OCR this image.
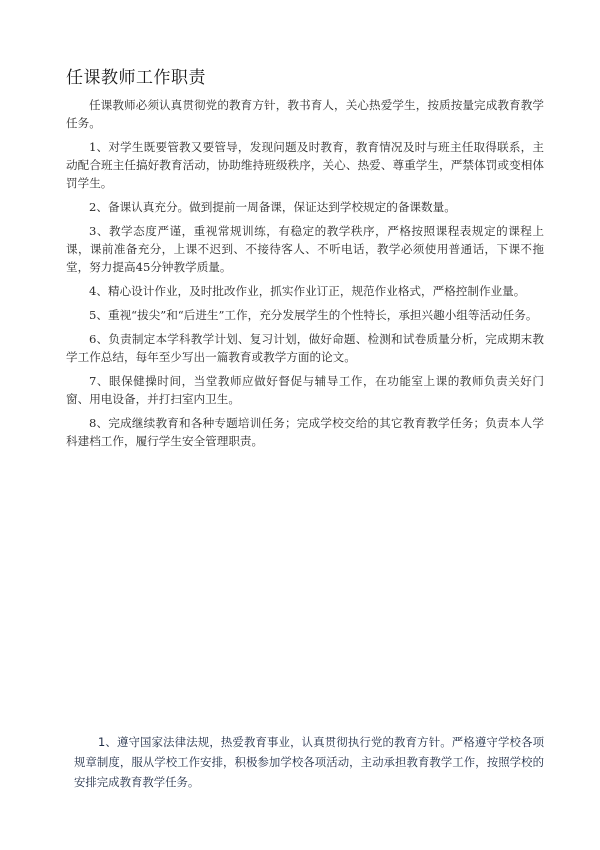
任课教师工作职责

任课教师必须认真贯彻党的教育方针，教书育人，关心热爱学生，按质按量完成教育教学任务。

1、对学生既要管教又要管导，发现问题及时教育，教育情况及时与班主任取得联系，主动配合班主任搞好教育活动，协助维持班级秩序，关心、热爱、尊重学生，严禁体罚或变相体罚学生。

2、备课认真充分。做到提前一周备课，保证达到学校规定的备课数量。

3、教学态度严谨，重视常规训练，有稳定的教学秩序，严格按照课程表规定的课程上课，课前准备充分，上课不迟到、不接待客人、不听电话，教学必须使用普通话，下课不拖堂，努力提高45分钟教学质量。

4、精心设计作业，及时批改作业，抓实作业订正，规范作业格式，严格控制作业量。

5、重视“拔尖”和“后进生”工作，充分发展学生的个性特长，承担兴趣小组等活动任务。

6、负责制定本学科教学计划、复习计划，做好命题、检测和试卷质量分析，完成期末教学工作总结，每年至少写出一篇教育或教学方面的论文。

7、眼保健操时间，当堂教师应做好督促与辅导工作，在功能室上课的教师负责关好门窗、用电设备，并打扫室内卫生。

8、完成继续教育和各种专题培训任务；完成学校交给的其它教育教学任务；负责本人学科建档工作，履行学生安全管理职责。

1、遵守国家法律法规，热爱教育事业，认真贯彻执行党的教育方针。严格遵守学校各项规章制度，服从学校工作安排，积极参加学校各项活动，主动承担教育教学工作，按照学校的安排完成教育教学任务。
